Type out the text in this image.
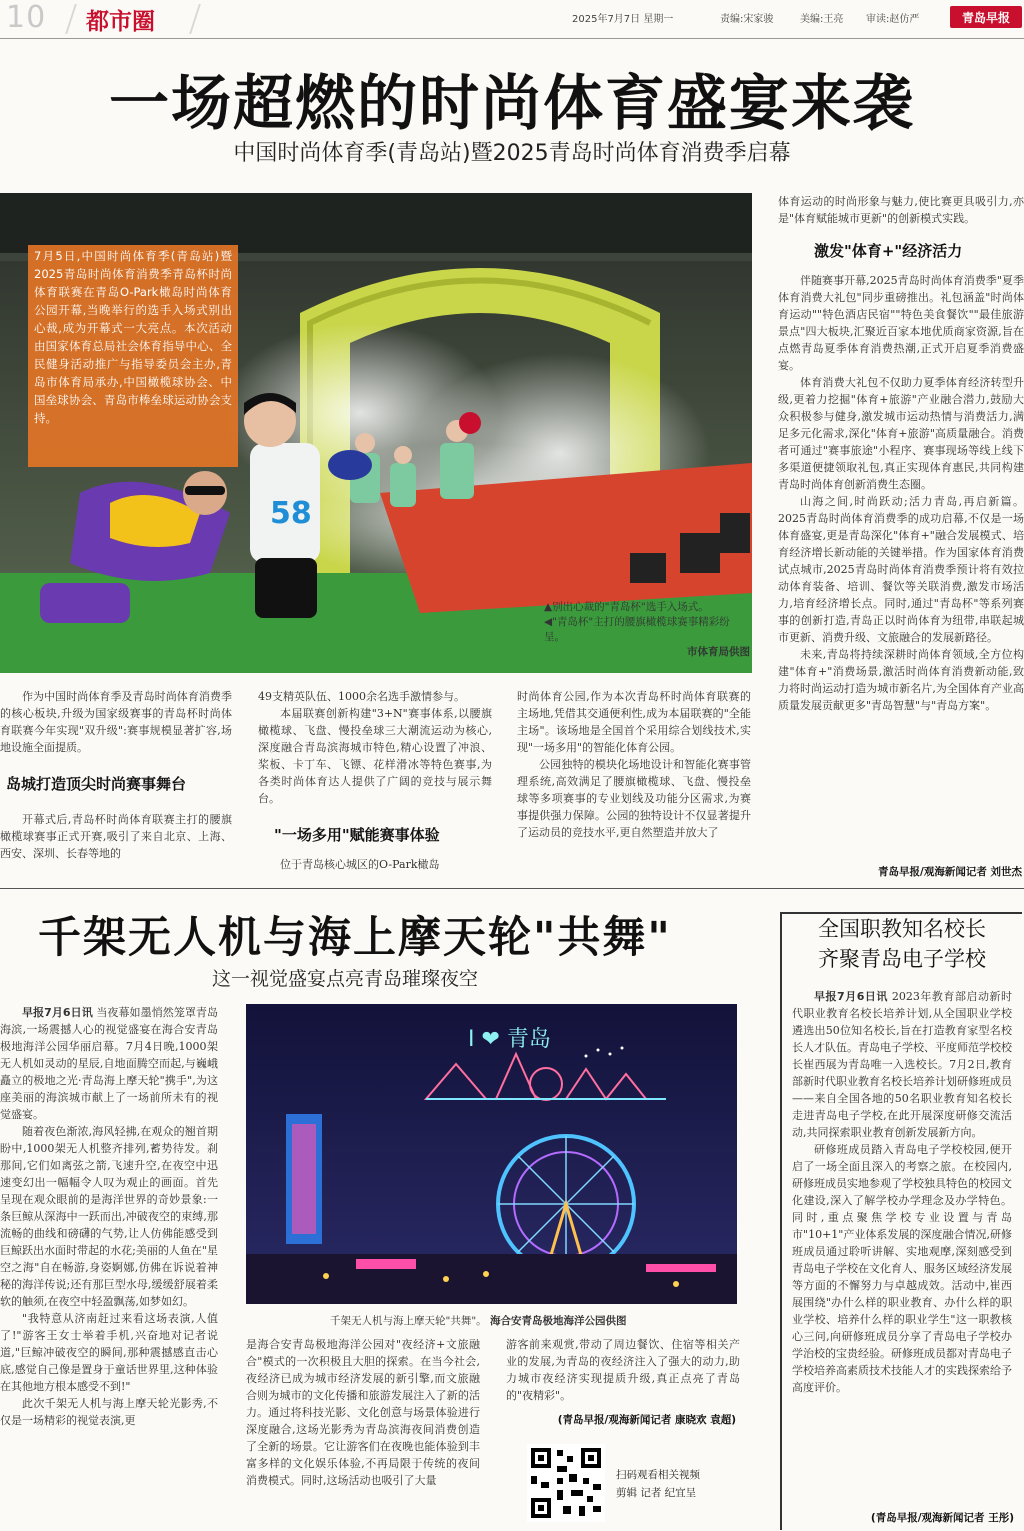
10 都市圈	2025年7月7日 星期一	责编:宋家骏	美编:王亮 审读:赵仿严	青岛早报
一场超燃的时尚体育盛宴来袭
中国时尚体育季(青岛站)暨2025青岛时尚体育消费季启幕
58
7月5日,中国时尚体育季(青岛站)暨2025青岛时尚体育消费季青岛杯时尚体育联赛在青岛O-Park橄岛时尚体育公园开幕,当晚举行的选手入场式别出心裁,成为开幕式一大亮点。本次活动由国家体育总局社会体育指导中心、全民健身活动推广与指导委员会主办,青岛市体育局承办,中国橄榄球协会、中国垒球协会、青岛市棒垒球运动协会支持。
▲别出心裁的"青岛杯"选手入场式。
◀"青岛杯"主打的腰旗橄榄球赛事精彩纷呈。
市体育局供图

作为中国时尚体育季及青岛时尚体育消费季的核心板块,升级为国家级赛事的青岛杯时尚体育联赛今年实现"双升级":赛事规模显著扩容,场地设施全面提质。

岛城打造顶尖时尚赛事舞台

开幕式后,青岛杯时尚体育联赛主打的腰旗橄榄球赛事正式开赛,吸引了来自北京、上海、西安、深圳、长春等地的

49支精英队伍、1000余名选手激情参与。

本届联赛创新构建"3+N"赛事体系,以腰旗橄榄球、飞盘、慢投垒球三大潮流运动为核心,深度融合青岛滨海城市特色,精心设置了冲浪、桨板、卡丁车、飞镖、花样滑冰等特色赛事,为各类时尚体育达人提供了广阔的竞技与展示舞台。

"一场多用"赋能赛事体验

位于青岛核心城区的O-Park橄岛

时尚体育公园,作为本次青岛杯时尚体育联赛的主场地,凭借其交通便利性,成为本届联赛的"全能主场"。该场地是全国首个采用综合划线技术,实现"一场多用"的智能化体育公园。

公园独特的模块化场地设计和智能化赛事管理系统,高效满足了腰旗橄榄球、飞盘、慢投垒球等多项赛事的专业划线及功能分区需求,为赛事提供强力保障。公园的独特设计不仅显著提升了运动员的竞技水平,更自然塑造并放大了

体育运动的时尚形象与魅力,使比赛更具吸引力,亦是"体育赋能城市更新"的创新模式实践。

激发"体育+"经济活力

伴随赛事开幕,2025青岛时尚体育消费季"夏季体育消费大礼包"同步重磅推出。礼包涵盖"时尚体育运动""特色酒店民宿""特色美食餐饮""最佳旅游景点"四大板块,汇聚近百家本地优质商家资源,旨在点燃青岛夏季体育消费热潮,正式开启夏季消费盛宴。

体育消费大礼包不仅助力夏季体育经济转型升级,更着力挖掘"体育+旅游"产业融合潜力,鼓励大众积极参与健身,激发城市运动热情与消费活力,满足多元化需求,深化"体育+旅游"高质量融合。消费者可通过"赛事旅途"小程序、赛事现场等线上线下多渠道便捷领取礼包,真正实现体育惠民,共同构建青岛时尚体育创新消费生态圈。

山海之间,时尚跃动;活力青岛,再启新篇。2025青岛时尚体育消费季的成功启幕,不仅是一场体育盛宴,更是青岛深化"体育+"融合发展模式、培育经济增长新动能的关键举措。作为国家体育消费试点城市,2025青岛时尚体育消费季预计将有效拉动体育装备、培训、餐饮等关联消费,激发市场活力,培育经济增长点。同时,通过"青岛杯"等系列赛事的创新打造,青岛正以时尚体育为纽带,串联起城市更新、消费升级、文旅融合的发展新路径。

未来,青岛将持续深耕时尚体育领域,全方位构建"体育+"消费场景,激活时尚体育消费新动能,致力将时尚运动打造为城市新名片,为全国体育产业高质量发展贡献更多"青岛智慧"与"青岛方案"。

青岛早报/观海新闻记者 刘世杰
千架无人机与海上摩天轮"共舞"
这一视觉盛宴点亮青岛璀璨夜空

早报7月6日讯 当夜幕如墨悄然笼罩青岛海滨,一场震撼人心的视觉盛宴在海合安青岛极地海洋公园华丽启幕。7月4日晚,1000架无人机如灵动的星辰,自地面腾空而起,与巍峨矗立的极地之光·青岛海上摩天轮"携手",为这座美丽的海滨城市献上了一场前所未有的视觉盛宴。

随着夜色渐浓,海风轻拂,在观众的翘首期盼中,1000架无人机整齐排列,蓄势待发。刹那间,它们如离弦之箭,飞速升空,在夜空中迅速变幻出一幅幅令人叹为观止的画面。首先呈现在观众眼前的是海洋世界的奇妙景象:一条巨鲸从深海中一跃而出,冲破夜空的束缚,那流畅的曲线和磅礴的气势,让人仿佛能感受到巨鲸跃出水面时带起的水花;美丽的人鱼在"星空之海"自在畅游,身姿婀娜,仿佛在诉说着神秘的海洋传说;还有那巨型水母,缓缓舒展着柔软的触须,在夜空中轻盈飘荡,如梦如幻。

"我特意从济南赶过来看这场表演,人值了!"游客王女士举着手机,兴奋地对记者说道,"巨鲸冲破夜空的瞬间,那种震撼感直击心底,感觉自己像是置身于童话世界里,这种体验在其他地方根本感受不到!"

此次千架无人机与海上摩天轮光影秀,不仅是一场精彩的视觉表演,更

I ❤ 青岛
千架无人机与海上摩天轮"共舞"。 海合安青岛极地海洋公园供图

是海合安青岛极地海洋公园对"夜经济+文旅融合"模式的一次积极且大胆的探索。在当今社会,夜经济已成为城市经济发展的新引擎,而文旅融合则为城市的文化传播和旅游发展注入了新的活力。通过将科技光影、文化创意与场景体验进行深度融合,这场光影秀为青岛滨海夜间消费创造了全新的场景。它让游客们在夜晚也能体验到丰富多样的文化娱乐体验,不再局限于传统的夜间消费模式。同时,这场活动也吸引了大量

游客前来观赏,带动了周边餐饮、住宿等相关产业的发展,为青岛的夜经济注入了强大的动力,助力城市夜经济实现提质升级,真正点亮了青岛的"夜精彩"。

(青岛早报/观海新闻记者 康晓欢 袁超)
扫码观看相关视频
剪辑 记者 纪宜呈
全国职教知名校长
齐聚青岛电子学校

早报7月6日讯 2023年教育部启动新时代职业教育名校长培养计划,从全国职业学校遴选出50位知名校长,旨在打造教育家型名校长人才队伍。青岛电子学校、平度师范学校校长崔西展为青岛唯一入选校长。7月2日,教育部新时代职业教育名校长培养计划研修班成员——来自全国各地的50名职业教育知名校长走进青岛电子学校,在此开展深度研修交流活动,共同探索职业教育创新发展新方向。

研修班成员踏入青岛电子学校校园,便开启了一场全面且深入的考察之旅。在校园内,研修班成员实地参观了学校独具特色的校园文化建设,深入了解学校办学理念及办学特色。同时,重点聚焦学校专业设置与青岛市"10+1"产业体系发展的深度融合情况,研修班成员通过聆听讲解、实地观摩,深刻感受到青岛电子学校在文化育人、服务区域经济发展等方面的不懈努力与卓越成效。活动中,崔西展围绕"办什么样的职业教育、办什么样的职业学校、培养什么样的职业学生"这一职教核心三问,向研修班成员分享了青岛电子学校办学治校的宝贵经验。研修班成员都对青岛电子学校培养高素质技术技能人才的实践探索给予高度评价。

(青岛早报/观海新闻记者 王彤)
